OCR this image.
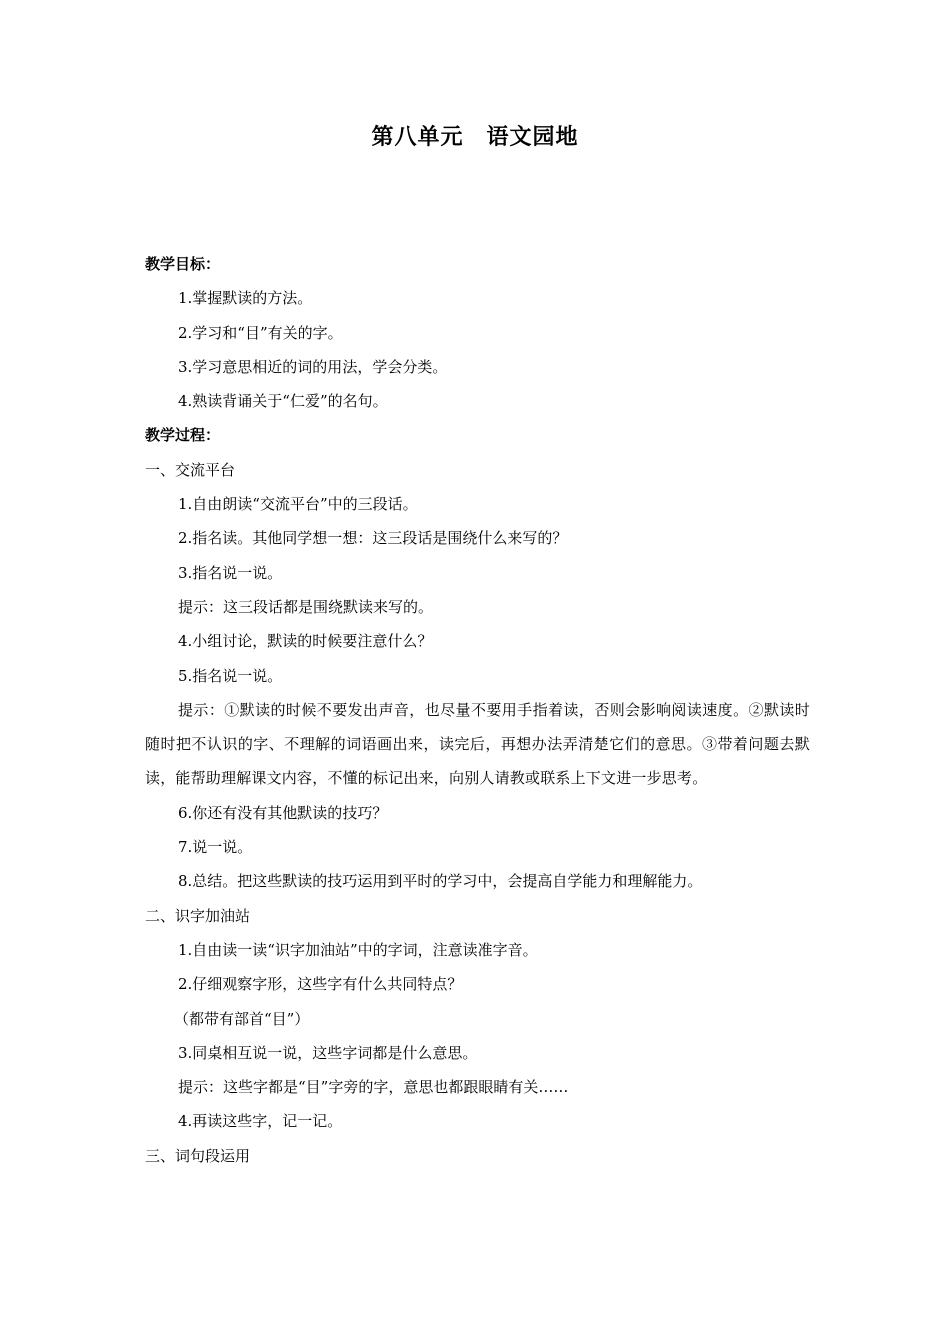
第八单元　语文园地

教学目标：

1.掌握默读的方法。

2.学习和“目”有关的字。

3.学习意思相近的词的用法，学会分类。

4.熟读背诵关于“仁爱”的名句。

教学过程：

一、交流平台

1.自由朗读“交流平台”中的三段话。

2.指名读。其他同学想一想：这三段话是围绕什么来写的？

3.指名说一说。

提示：这三段话都是围绕默读来写的。

4.小组讨论，默读的时候要注意什么？

5.指名说一说。

提示：①默读的时候不要发出声音，也尽量不要用手指着读，否则会影响阅读速度。②默读时随时把不认识的字、不理解的词语画出来，读完后，再想办法弄清楚它们的意思。③带着问题去默读，能帮助理解课文内容，不懂的标记出来，向别人请教或联系上下文进一步思考。

6.你还有没有其他默读的技巧？

7.说一说。

8.总结。把这些默读的技巧运用到平时的学习中，会提高自学能力和理解能力。

二、识字加油站

1.自由读一读“识字加油站”中的字词，注意读准字音。

2.仔细观察字形，这些字有什么共同特点？

（都带有部首“目”）

3.同桌相互说一说，这些字词都是什么意思。

提示：这些字都是“目”字旁的字，意思也都跟眼睛有关……

4.再读这些字，记一记。

三、词句段运用
